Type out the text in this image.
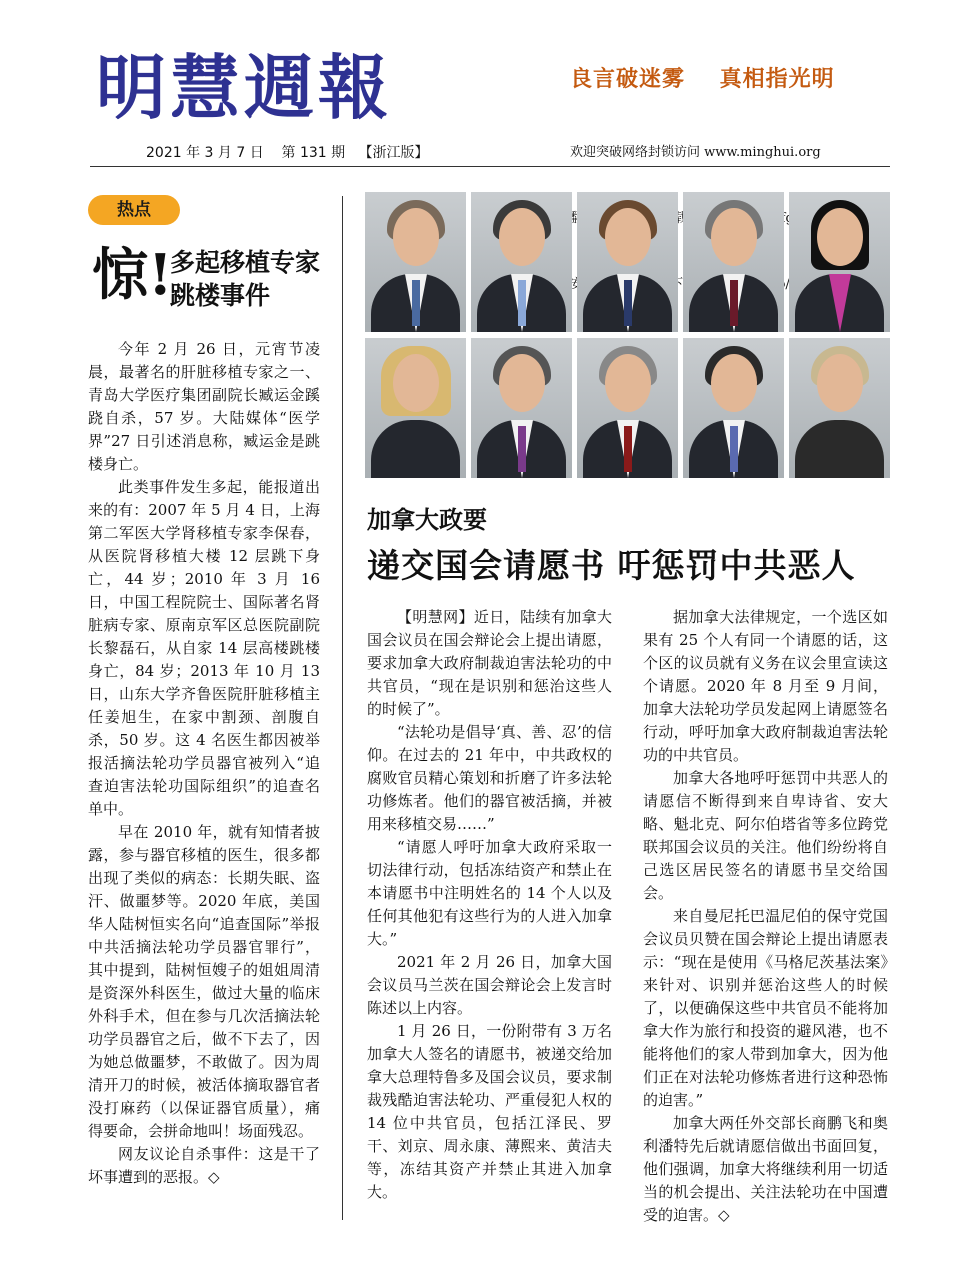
明慧週報
2021 年 3 月 7 日    第 131 期   【浙江版】
良言破迷雾    真相指光明

欢迎突破网络封锁访问 www.minghui.org

热点
惊!
多起移植专家
跳楼事件

今年 2 月 26 日，元宵节凌晨，最著名的肝脏移植专家之一、青岛大学医疗集团副院长臧运金蹊跷自杀，57 岁。大陆媒体“医学界”27 日引述消息称，臧运金是跳楼身亡。

此类事件发生多起，能报道出来的有：2007 年 5 月 4 日，上海第二军医大学肾移植专家李保春，从医院肾移植大楼 12 层跳下身亡，44 岁；2010 年 3 月 16 日，中国工程院院士、国际著名肾脏病专家、原南京军区总医院副院长黎磊石，从自家 14 层高楼跳楼身亡，84 岁；2013 年 10 月 13 日，山东大学齐鲁医院肝脏移植主任姜旭生，在家中割颈、剖腹自杀，50 岁。这 4 名医生都因被举报活摘法轮功学员器官被列入“追查迫害法轮功国际组织”的追查名单中。

早在 2010 年，就有知情者披露，参与器官移植的医生，很多都出现了类似的病态：长期失眠、盗汗、做噩梦等。2020 年底，美国华人陆树恒实名向“追查国际”举报中共活摘法轮功学员器官罪行”，其中提到，陆树恒嫂子的姐姐周清是资深外科医生，做过大量的临床外科手术，但在参与几次活摘法轮功学员器官之后，做不下去了，因为她总做噩梦，不敢做了。因为周清开刀的时候，被活体摘取器官者没打麻药（以保证器官质量），痛得要命，会拼命地叫！场面残忍。

网友议论自杀事件：这是干了坏事遭到的恶报。◇

加拿大政要
递交国会请愿书 吁惩罚中共恶人

【明慧网】近日，陆续有加拿大国会议员在国会辩论会上提出请愿，要求加拿大政府制裁迫害法轮功的中共官员，“现在是识别和惩治这些人的时候了”。

“法轮功是倡导‘真、善、忍’的信仰。在过去的 21 年中，中共政权的腐败官员精心策划和折磨了许多法轮功修炼者。他们的器官被活摘，并被用来移植交易……”

“请愿人呼吁加拿大政府采取一切法律行动，包括冻结资产和禁止在本请愿书中注明姓名的 14 个人以及任何其他犯有这些行为的人进入加拿大。”

2021 年 2 月 26 日，加拿大国会议员马兰茨在国会辩论会上发言时陈述以上内容。

1 月 26 日，一份附带有 3 万名加拿大人签名的请愿书，被递交给加拿大总理特鲁多及国会议员，要求制裁残酷迫害法轮功、严重侵犯人权的 14 位中共官员，包括江泽民、罗干、刘京、周永康、薄熙来、黄洁夫等，冻结其资产并禁止其进入加拿大。

据加拿大法律规定，一个选区如果有 25 个人有同一个请愿的话，这个区的议员就有义务在议会里宣读这个请愿。2020 年 8 月至 9 月间，加拿大法轮功学员发起网上请愿签名行动，呼吁加拿大政府制裁迫害法轮功的中共官员。

加拿大各地呼吁惩罚中共恶人的请愿信不断得到来自卑诗省、安大略、魁北克、阿尔伯塔省等多位跨党联邦国会议员的关注。他们纷纷将自己选区居民签名的请愿书呈交给国会。

来自曼尼托巴温尼伯的保守党国会议员贝赞在国会辩论上提出请愿表示：“现在是使用《马格尼茨基法案》来针对、识别并惩治这些人的时候了，以便确保这些中共官员不能将加拿大作为旅行和投资的避风港，也不能将他们的家人带到加拿大，因为他们正在对法轮功修炼者进行这种恐怖的迫害。”

加拿大两任外交部长商鹏飞和奥利潘特先后就请愿信做出书面回复，他们强调，加拿大将继续利用一切适当的机会提出、关注法轮功在中国遭受的迫害。◇
